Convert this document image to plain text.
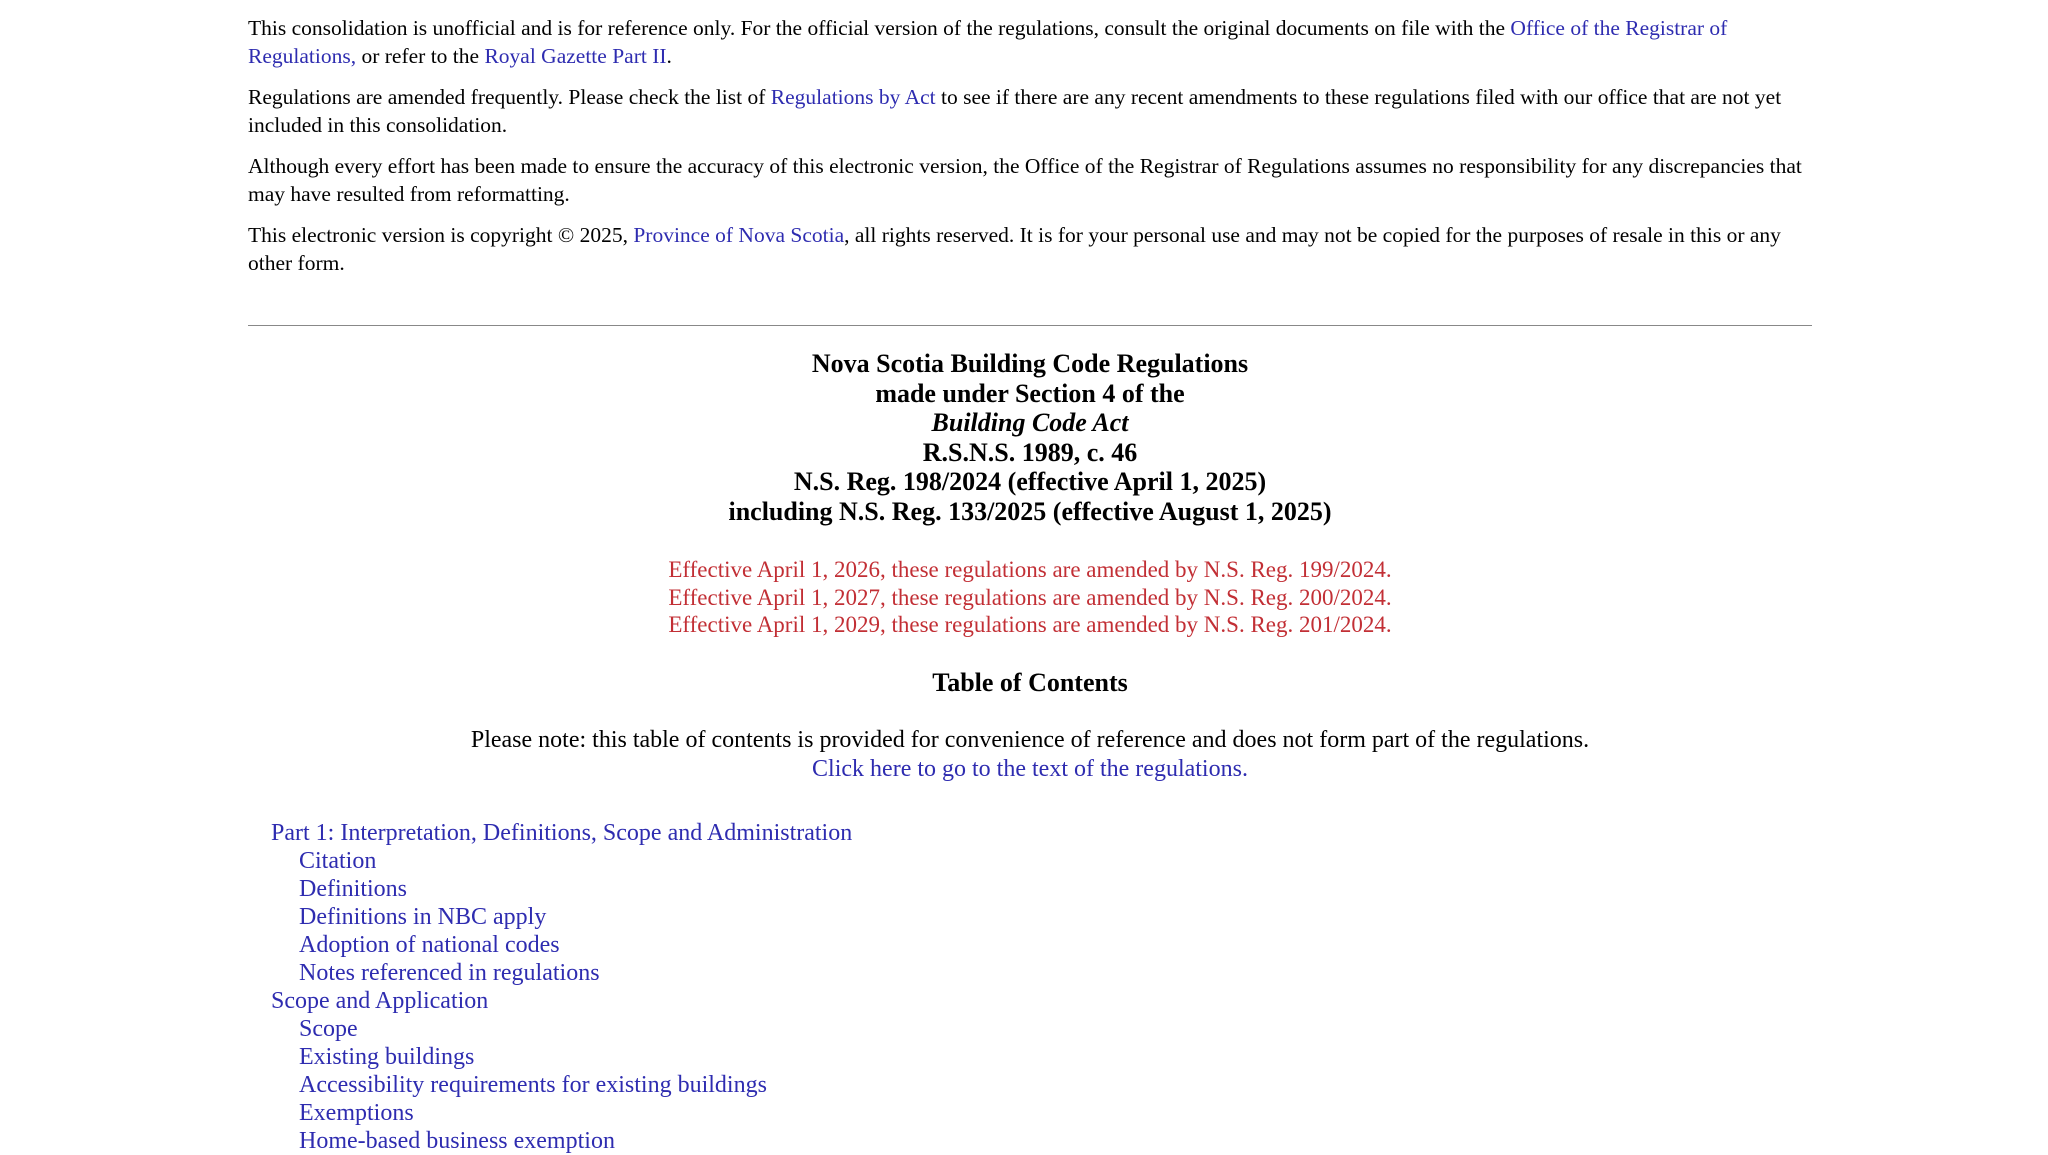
This consolidation is unofficial and is for reference only. For the official version of the regulations, consult the original documents on file with the Office of the Registrar of Regulations, or refer to the Royal Gazette Part II.

Regulations are amended frequently. Please check the list of Regulations by Act to see if there are any recent amendments to these regulations filed with our office that are not yet included in this consolidation.

Although every effort has been made to ensure the accuracy of this electronic version, the Office of the Registrar of Regulations assumes no responsibility for any discrepancies that may have resulted from reformatting.

This electronic version is copyright © 2025, Province of Nova Scotia, all rights reserved. It is for your personal use and may not be copied for the purposes of resale in this or any other form.

Nova Scotia Building Code Regulations
made under Section 4 of the
Building Code Act
R.S.N.S. 1989, c. 46
N.S. Reg. 198/2024 (effective April 1, 2025)
including N.S. Reg. 133/2025 (effective August 1, 2025)
Effective April 1, 2026, these regulations are amended by N.S. Reg. 199/2024.
Effective April 1, 2027, these regulations are amended by N.S. Reg. 200/2024.
Effective April 1, 2029, these regulations are amended by N.S. Reg. 201/2024.
Table of Contents
Please note: this table of contents is provided for convenience of reference and does not form part of the regulations.
Click here to go to the text of the regulations.
Part 1: Interpretation, Definitions, Scope and Administration
Citation
Definitions
Definitions in NBC apply
Adoption of national codes
Notes referenced in regulations
Scope and Application
Scope
Existing buildings
Accessibility requirements for existing buildings
Exemptions
Home-based business exemption
